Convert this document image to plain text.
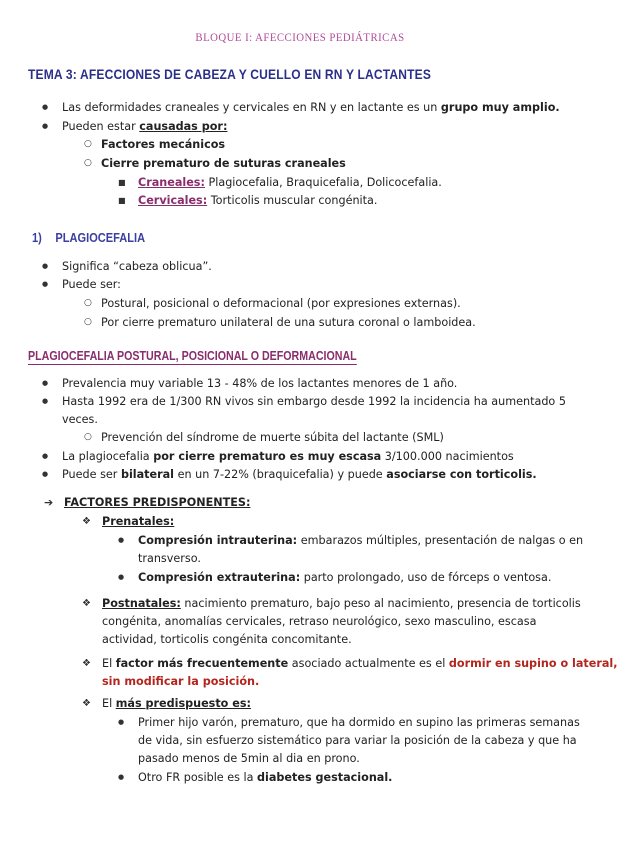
BLOQUE I: AFECCIONES PEDIÁTRICAS
TEMA 3: AFECCIONES DE CABEZA Y CUELLO EN RN Y LACTANTES
● Las deformidades craneales y cervicales en RN y en lactante es un grupo muy amplio.
● Pueden estar causadas por:
○ Factores mecánicos
○ Cierre prematuro de suturas craneales
■ Craneales: Plagiocefalia, Braquicefalia, Dolicocefalia.
■ Cervicales: Torticolis muscular congénita.
1) PLAGIOCEFALIA
● Significa “cabeza oblicua”.
● Puede ser:
○ Postural, posicional o deformacional (por expresiones externas).
○ Por cierre prematuro unilateral de una sutura coronal o lamboidea.
PLAGIOCEFALIA POSTURAL, POSICIONAL O DEFORMACIONAL
● Prevalencia muy variable 13 - 48% de los lactantes menores de 1 año.
● Hasta 1992 era de 1/300 RN vivos sin embargo desde 1992 la incidencia ha aumentado 5
veces.
○ Prevención del síndrome de muerte súbita del lactante (SML)
● La plagiocefalia por cierre prematuro es muy escasa 3/100.000 nacimientos
● Puede ser bilateral en un 7-22% (braquicefalia) y puede asociarse con torticolis.
➔ FACTORES PREDISPONENTES:
❖ Prenatales:
● Compresión intrauterina: embarazos múltiples, presentación de nalgas o en
transverso.
● Compresión extrauterina: parto prolongado, uso de fórceps o ventosa.
❖ Postnatales: nacimiento prematuro, bajo peso al nacimiento, presencia de torticolis
congénita, anomalías cervicales, retraso neurológico, sexo masculino, escasa
actividad, torticolis congénita concomitante.
❖ El factor más frecuentemente asociado actualmente es el dormir en supino o lateral,
sin modificar la posición.
❖ El más predispuesto es:
● Primer hijo varón, prematuro, que ha dormido en supino las primeras semanas
de vida, sin esfuerzo sistemático para variar la posición de la cabeza y que ha
pasado menos de 5min al dia en prono.
● Otro FR posible es la diabetes gestacional.
